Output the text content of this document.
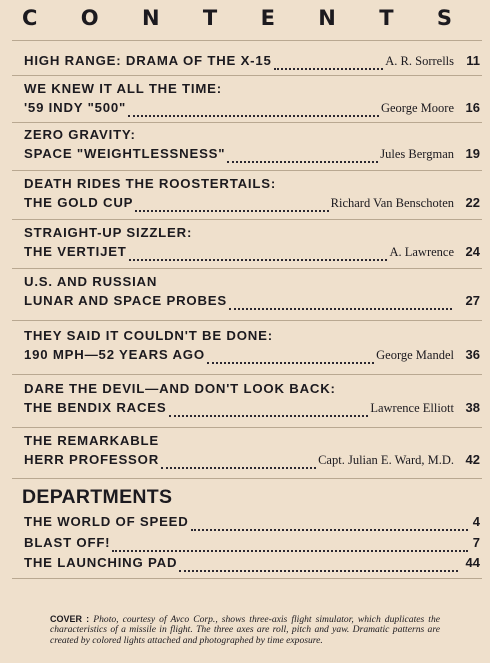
C O N T E N T S
HIGH RANGE: DRAMA OF THE X-15	A. R. Sorrells 11
WE KNEW IT ALL THE TIME:
'59 INDY "500"	George Moore 16
ZERO GRAVITY:
SPACE "WEIGHTLESSNESS"	Jules Bergman 19
DEATH RIDES THE ROOSTERTAILS:
THE GOLD CUP	Richard Van Benschoten 22
STRAIGHT-UP SIZZLER:
THE VERTIJET	A. Lawrence 24
U.S. AND RUSSIAN
LUNAR AND SPACE PROBES	27
THEY SAID IT COULDN'T BE DONE:
190 MPH—52 YEARS AGO	George Mandel 36
DARE THE DEVIL—AND DON'T LOOK BACK:
THE BENDIX RACES	Lawrence Elliott 38
THE REMARKABLE
HERR PROFESSOR	Capt. Julian E. Ward, M.D. 42
DEPARTMENTS
THE WORLD OF SPEED	4
BLAST OFF!	7
THE LAUNCHING PAD	44
COVER : Photo, courtesy of Avco Corp., shows three-axis flight simulator, which duplicates the characteristics of a missile in flight. The three axes are roll, pitch and yaw. Dramatic patterns are created by colored lights attached and photographed by time exposure.
